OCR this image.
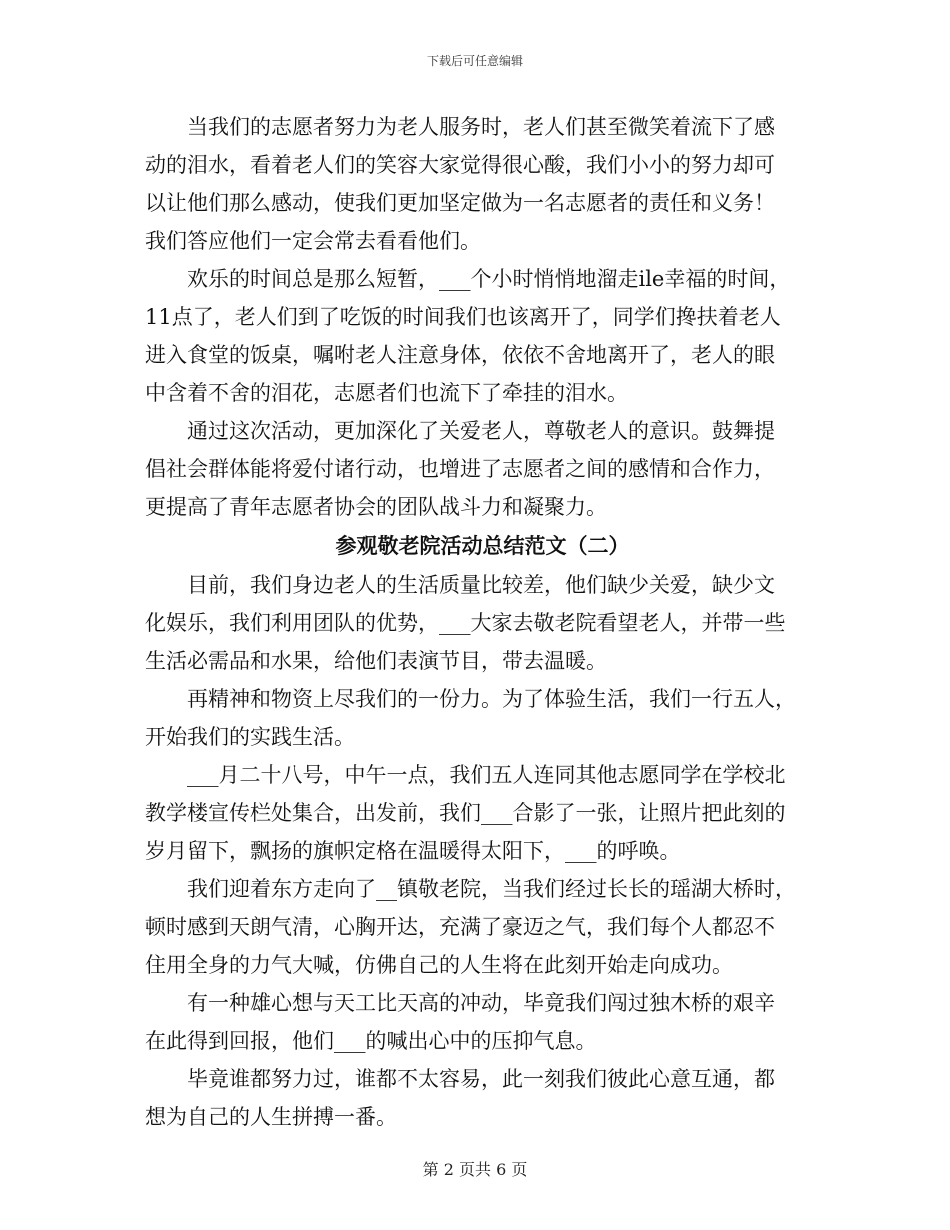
下载后可任意编辑
当我们的志愿者努力为老人服务时，老人们甚至微笑着流下了感
动的泪水，看着老人们的笑容大家觉得很心酸，我们小小的努力却可
以让他们那么感动，使我们更加坚定做为一名志愿者的责任和义务！
我们答应他们一定会常去看看他们。
欢乐的时间总是那么短暂，___个小时悄悄地溜走ile幸福的时间，
11点了，老人们到了吃饭的时间我们也该离开了，同学们搀扶着老人
进入食堂的饭桌，嘱咐老人注意身体，依依不舍地离开了，老人的眼
中含着不舍的泪花，志愿者们也流下了牵挂的泪水。
通过这次活动，更加深化了关爱老人，尊敬老人的意识。鼓舞提
倡社会群体能将爱付诸行动，也增进了志愿者之间的感情和合作力，
更提高了青年志愿者协会的团队战斗力和凝聚力。
参观敬老院活动总结范文（二）
目前，我们身边老人的生活质量比较差，他们缺少关爱，缺少文
化娱乐，我们利用团队的优势，___大家去敬老院看望老人，并带一些
生活必需品和水果，给他们表演节目，带去温暖。
再精神和物资上尽我们的一份力。为了体验生活，我们一行五人，
开始我们的实践生活。
___月二十八号，中午一点，我们五人连同其他志愿同学在学校北
教学楼宣传栏处集合，出发前，我们___合影了一张，让照片把此刻的
岁月留下，飘扬的旗帜定格在温暖得太阳下，___的呼唤。
我们迎着东方走向了__镇敬老院，当我们经过长长的瑶湖大桥时，
顿时感到天朗气清，心胸开达，充满了豪迈之气，我们每个人都忍不
住用全身的力气大喊，仿佛自己的人生将在此刻开始走向成功。
有一种雄心想与天工比天高的冲动，毕竟我们闯过独木桥的艰辛
在此得到回报，他们___的喊出心中的压抑气息。
毕竟谁都努力过，谁都不太容易，此一刻我们彼此心意互通，都
想为自己的人生拼搏一番。
第 2 页共 6 页
